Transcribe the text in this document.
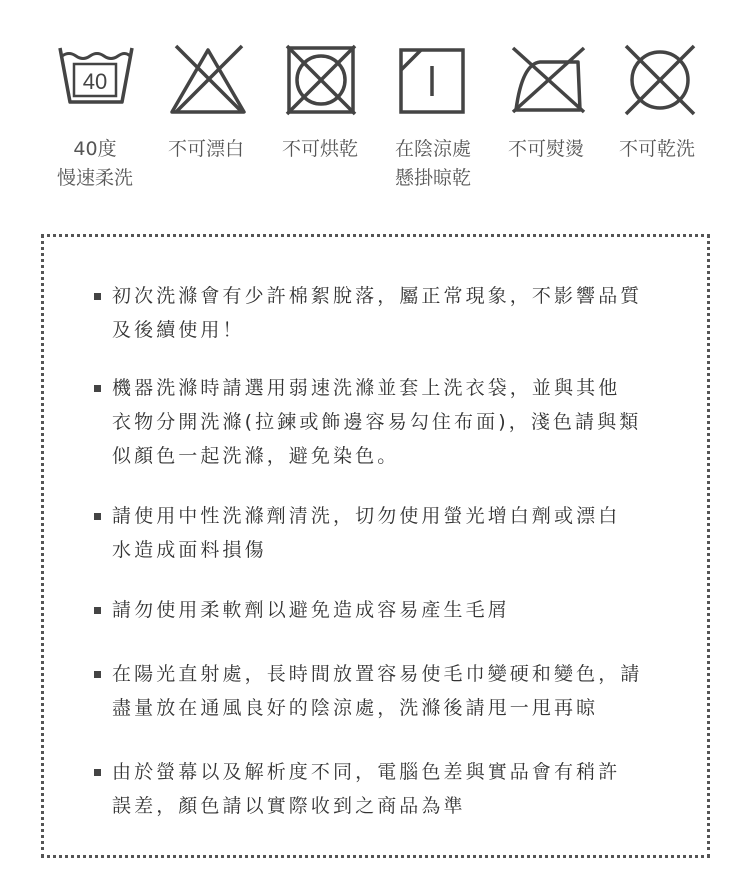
40
40度
慢速柔洗
不可漂白	不可烘乾	在陰涼處
懸掛晾乾
不可熨燙	不可乾洗

初次洗滌會有少許棉絮脫落，屬正常現象，不影響品質
及後續使用！

機器洗滌時請選用弱速洗滌並套上洗衣袋，並與其他
衣物分開洗滌(拉鍊或飾邊容易勾住布面)，淺色請與類
似顏色一起洗滌，避免染色。

請使用中性洗滌劑清洗，切勿使用螢光增白劑或漂白
水造成面料損傷

請勿使用柔軟劑以避免造成容易產生毛屑

在陽光直射處，長時間放置容易使毛巾變硬和變色，請
盡量放在通風良好的陰涼處，洗滌後請甩一甩再晾

由於螢幕以及解析度不同，電腦色差與實品會有稍許
誤差，顏色請以實際收到之商品為準
